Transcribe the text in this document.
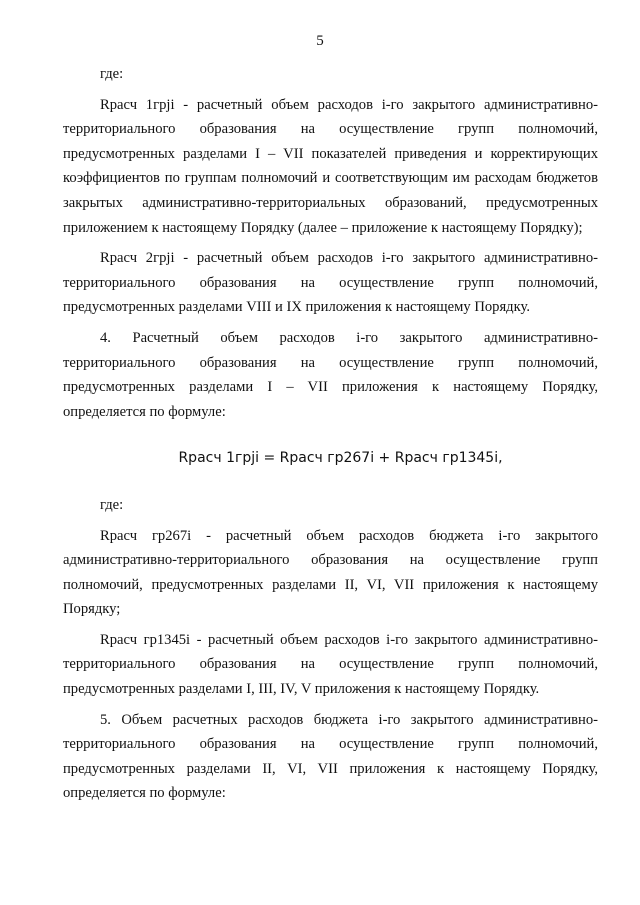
5

где:

Rрасч 1грji - расчетный объем расходов i-го закрытого административно-территориального образования на осуществление групп полномочий, предусмотренных разделами I – VII показателей приведения и корректирующих коэффициентов по группам полномочий и соответствующим им расходам бюджетов закрытых административно-территориальных образований, предусмотренных приложением к настоящему Порядку (далее – приложение к настоящему Порядку);

Rрасч 2грji - расчетный объем расходов i-го закрытого административно-территориального образования на осуществление групп полномочий, предусмотренных разделами VIII и IX приложения к настоящему Порядку.

4. Расчетный объем расходов i-го закрытого административно-территориального образования на осуществление групп полномочий, предусмотренных разделами I – VII приложения к настоящему Порядку, определяется по формуле:

Rрасч 1грji = Rрасч гр267i + Rрасч гр1345i,

где:

Rрасч гр267i - расчетный объем расходов бюджета i-го закрытого административно-территориального образования на осуществление групп полномочий, предусмотренных разделами II, VI, VII приложения к настоящему Порядку;

Rрасч гр1345i - расчетный объем расходов i-го закрытого административно-территориального образования на осуществление групп полномочий, предусмотренных разделами I, III, IV, V приложения к настоящему Порядку.

5. Объем расчетных расходов бюджета i-го закрытого административно-территориального образования на осуществление групп полномочий, предусмотренных разделами II, VI, VII приложения к настоящему Порядку, определяется по формуле:
